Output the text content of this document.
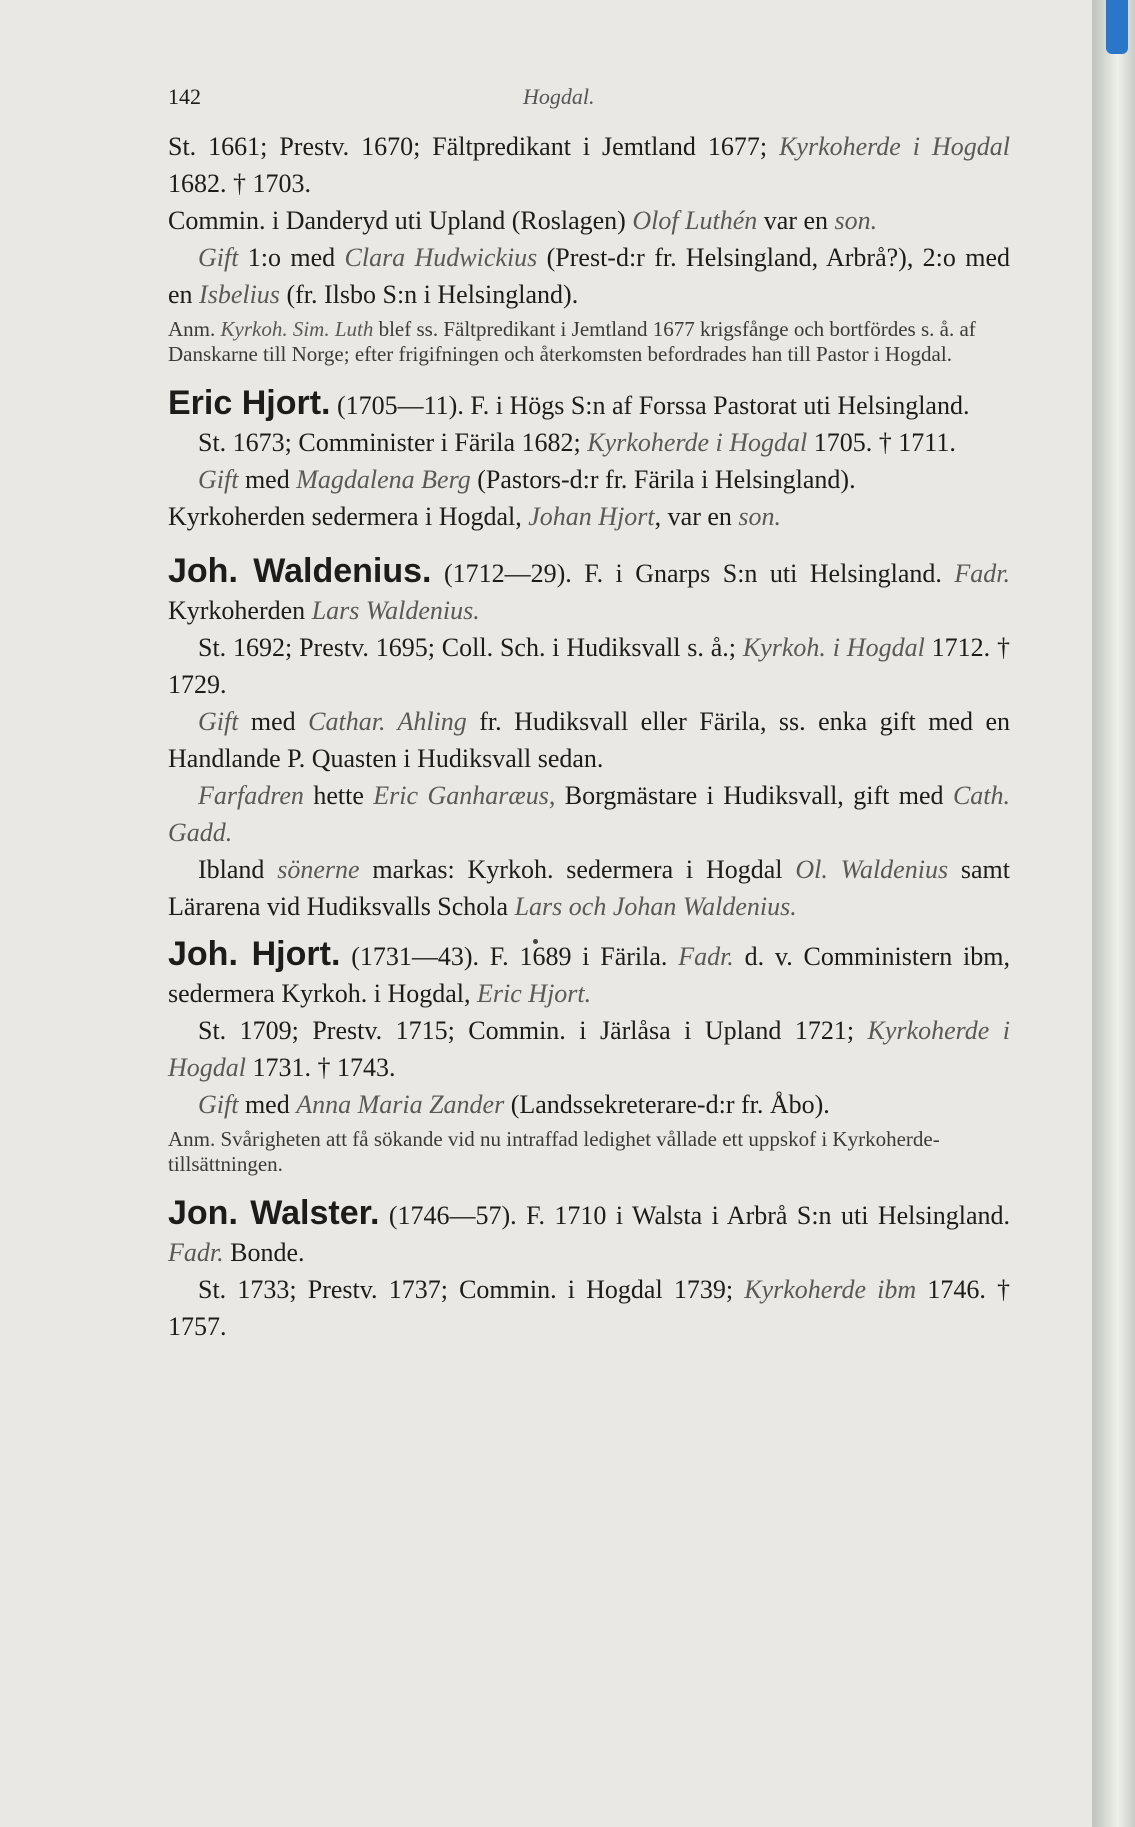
142	Hogdal.

St. 1661; Prestv. 1670; Fältpredikant i Jemtland 1677; Kyrkoherde i Hogdal 1682. † 1703.

Commin. i Danderyd uti Upland (Roslagen) Olof Luthén var en son.

Gift 1:o med Clara Hudwickius (Prest-d:r fr. Helsingland, Arbrå?), 2:o med en Isbelius (fr. Ilsbo S:n i Helsingland).

Anm. Kyrkoh. Sim. Luth blef ss. Fältpredikant i Jemtland 1677 krigsfånge och bortfördes s. å. af Danskarne till Norge; efter frigifningen och återkomsten befordrades han till Pastor i Hogdal.

Eric Hjort. (1705—11). F. i Högs S:n af Forssa Pastorat uti Helsingland.

St. 1673; Comminister i Färila 1682; Kyrkoherde i Hogdal 1705. † 1711.

Gift med Magdalena Berg (Pastors-d:r fr. Färila i Helsingland).

Kyrkoherden sedermera i Hogdal, Johan Hjort, var en son.

Joh. Waldenius. (1712—29). F. i Gnarps S:n uti Helsingland. Fadr. Kyrkoherden Lars Waldenius.

St. 1692; Prestv. 1695; Coll. Sch. i Hudiksvall s. å.; Kyrkoh. i Hogdal 1712. † 1729.

Gift med Cathar. Ahling fr. Hudiksvall eller Färila, ss. enka gift med en Handlande P. Quasten i Hudiksvall sedan.

Farfadren hette Eric Ganharæus, Borgmästare i Hudiksvall, gift med Cath. Gadd.

Ibland sönerne markas: Kyrkoh. sedermera i Hogdal Ol. Waldenius samt Lärarena vid Hudiksvalls Schola Lars och Johan Waldenius.

Joh. Hjort. (1731—43). F. 1689 i Färila. Fadr. d. v. Comministern ibm, sedermera Kyrkoh. i Hogdal, Eric Hjort.

St. 1709; Prestv. 1715; Commin. i Järlåsa i Upland 1721; Kyrkoherde i Hogdal 1731. † 1743.

Gift med Anna Maria Zander (Landssekreterare-d:r fr. Åbo).

Anm. Svårigheten att få sökande vid nu intraffad ledighet vållade ett uppskof i Kyrkoherde-tillsättningen.

Jon. Walster. (1746—57). F. 1710 i Walsta i Arbrå S:n uti Helsingland. Fadr. Bonde.

St. 1733; Prestv. 1737; Commin. i Hogdal 1739; Kyrkoherde ibm 1746. † 1757.
